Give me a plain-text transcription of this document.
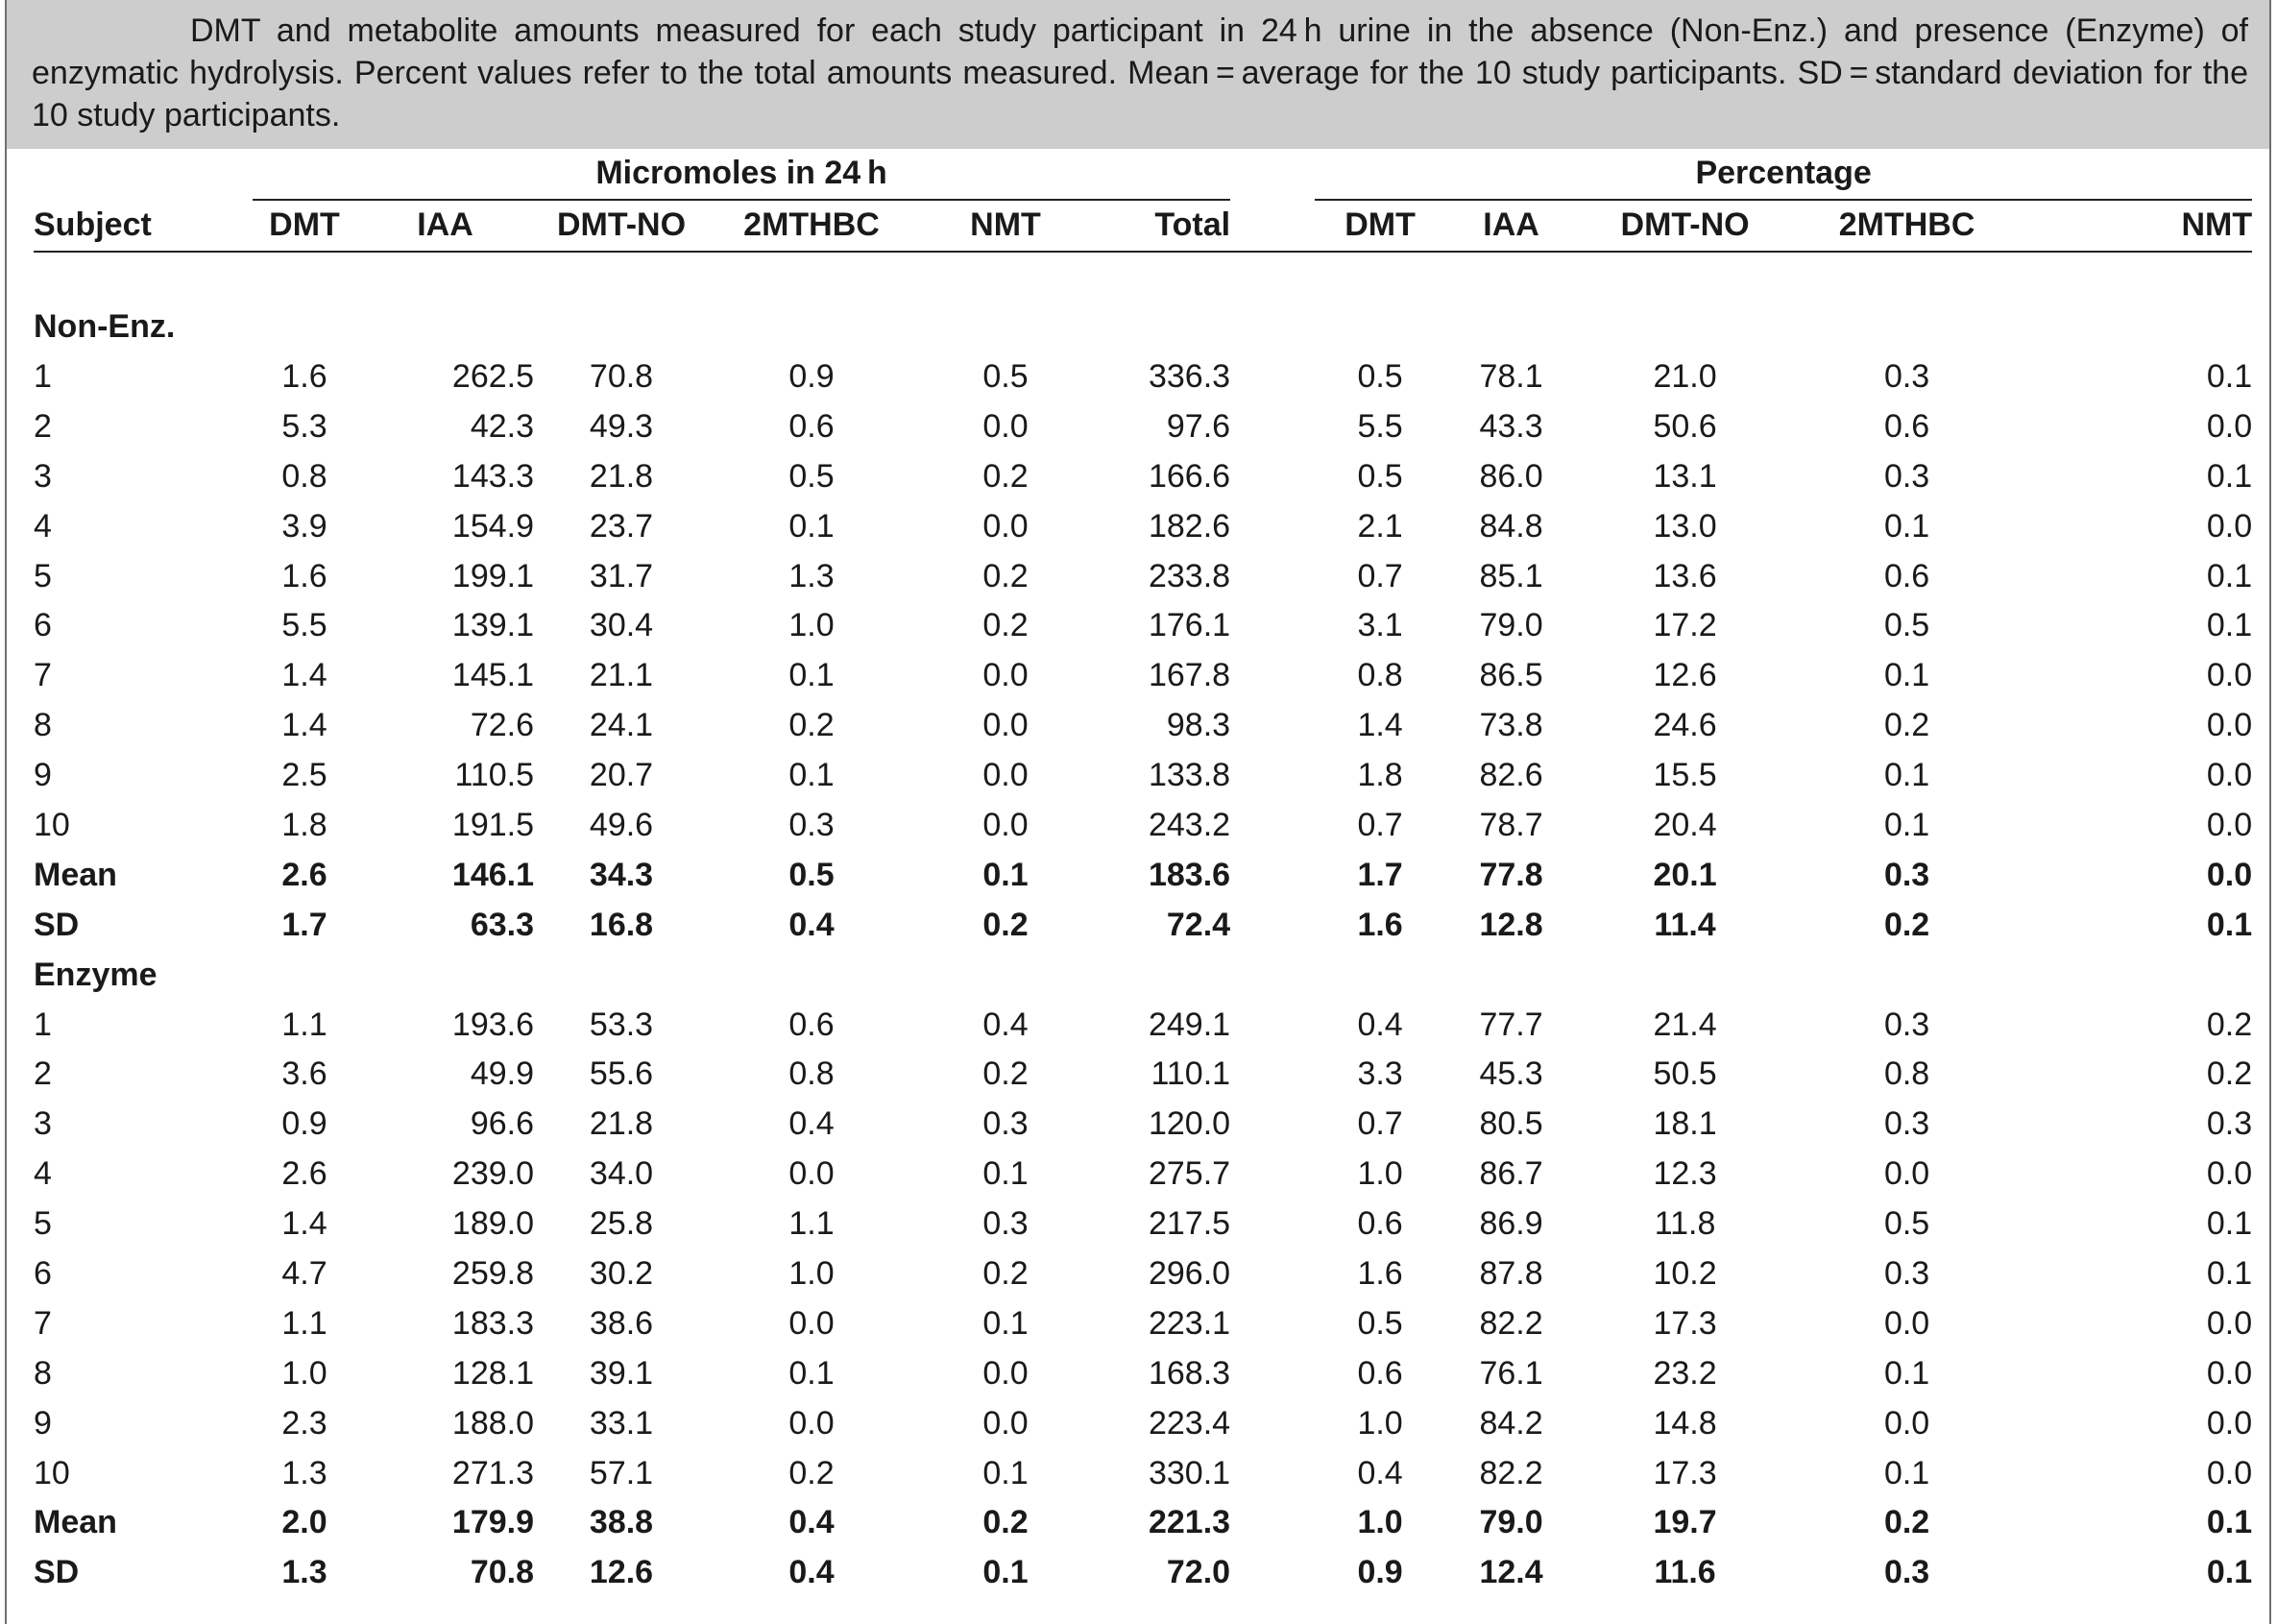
DMT and metabolite amounts measured for each study participant in 24 h urine in the absence (Non-Enz.) and presence (Enzyme) of enzymatic hydrolysis. Percent values refer to the total amounts measured. Mean = average for the 10 study participants. SD = standard deviation for the 10 study participants.

	Micromoles in 24 h							Percentage				
Subject	DMT	IAA	DMT-NO	2MTHBC	NMT	Total		DMT	IAA	DMT-NO	2MTHBC	NMT

Non-Enz.												
1	1.6	262.5	70.8	0.9	0.5	336.3		0.5	78.1	21.0	0.3	0.1
2	5.3	42.3	49.3	0.6	0.0	97.6		5.5	43.3	50.6	0.6	0.0
3	0.8	143.3	21.8	0.5	0.2	166.6		0.5	86.0	13.1	0.3	0.1
4	3.9	154.9	23.7	0.1	0.0	182.6		2.1	84.8	13.0	0.1	0.0
5	1.6	199.1	31.7	1.3	0.2	233.8		0.7	85.1	13.6	0.6	0.1
6	5.5	139.1	30.4	1.0	0.2	176.1		3.1	79.0	17.2	0.5	0.1
7	1.4	145.1	21.1	0.1	0.0	167.8		0.8	86.5	12.6	0.1	0.0
8	1.4	72.6	24.1	0.2	0.0	98.3		1.4	73.8	24.6	0.2	0.0
9	2.5	110.5	20.7	0.1	0.0	133.8		1.8	82.6	15.5	0.1	0.0
10	1.8	191.5	49.6	0.3	0.0	243.2		0.7	78.7	20.4	0.1	0.0
Mean	2.6	146.1	34.3	0.5	0.1	183.6		1.7	77.8	20.1	0.3	0.0
SD	1.7	63.3	16.8	0.4	0.2	72.4		1.6	12.8	11.4	0.2	0.1
Enzyme												
1	1.1	193.6	53.3	0.6	0.4	249.1		0.4	77.7	21.4	0.3	0.2
2	3.6	49.9	55.6	0.8	0.2	110.1		3.3	45.3	50.5	0.8	0.2
3	0.9	96.6	21.8	0.4	0.3	120.0		0.7	80.5	18.1	0.3	0.3
4	2.6	239.0	34.0	0.0	0.1	275.7		1.0	86.7	12.3	0.0	0.0
5	1.4	189.0	25.8	1.1	0.3	217.5		0.6	86.9	11.8	0.5	0.1
6	4.7	259.8	30.2	1.0	0.2	296.0		1.6	87.8	10.2	0.3	0.1
7	1.1	183.3	38.6	0.0	0.1	223.1		0.5	82.2	17.3	0.0	0.0
8	1.0	128.1	39.1	0.1	0.0	168.3		0.6	76.1	23.2	0.1	0.0
9	2.3	188.0	33.1	0.0	0.0	223.4		1.0	84.2	14.8	0.0	0.0
10	1.3	271.3	57.1	0.2	0.1	330.1		0.4	82.2	17.3	0.1	0.0
Mean	2.0	179.9	38.8	0.4	0.2	221.3		1.0	79.0	19.7	0.2	0.1
SD	1.3	70.8	12.6	0.4	0.1	72.0		0.9	12.4	11.6	0.3	0.1
